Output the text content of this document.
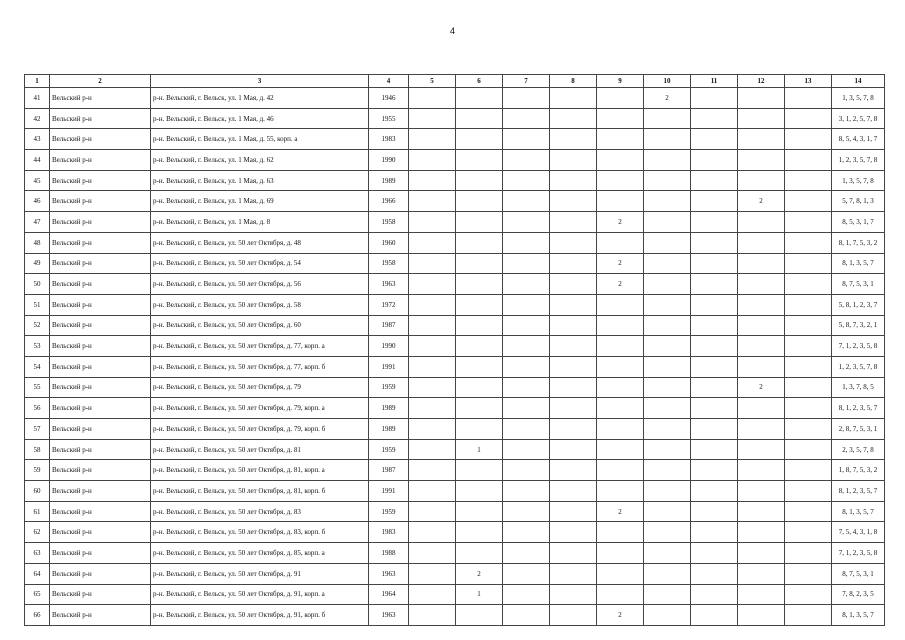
4
1	2	3	4	5	6	7	8	9	10	11	12	13	14
41	Вельский р-н	р-н. Вельский, г. Вельск, ул. 1 Мая, д. 42	1946						2				1, 3, 5, 7, 8
42	Вельский р-н	р-н. Вельский, г. Вельск, ул. 1 Мая, д. 46	1955										3, 1, 2, 5, 7, 8
43	Вельский р-н	р-н. Вельский, г. Вельск, ул. 1 Мая, д. 55, корп. а	1983										8, 5, 4, 3, 1, 7
44	Вельский р-н	р-н. Вельский, г. Вельск, ул. 1 Мая, д. 62	1990										1, 2, 3, 5, 7, 8
45	Вельский р-н	р-н. Вельский, г. Вельск, ул. 1 Мая, д. 63	1989										1, 3, 5, 7, 8
46	Вельский р-н	р-н. Вельский, г. Вельск, ул. 1 Мая, д. 69	1966								2		5, 7, 8, 1, 3
47	Вельский р-н	р-н. Вельский, г. Вельск, ул. 1 Мая, д. 8	1958					2					8, 5, 3, 1, 7
48	Вельский р-н	р-н. Вельский, г. Вельск, ул. 50 лет Октября, д. 48	1960										8, 1, 7, 5, 3, 2
49	Вельский р-н	р-н. Вельский, г. Вельск, ул. 50 лет Октября, д. 54	1958					2					8, 1, 3, 5, 7
50	Вельский р-н	р-н. Вельский, г. Вельск, ул. 50 лет Октября, д. 56	1963					2					8, 7, 5, 3, 1
51	Вельский р-н	р-н. Вельский, г. Вельск, ул. 50 лет Октября, д. 58	1972										5, 8, 1, 2, 3, 7
52	Вельский р-н	р-н. Вельский, г. Вельск, ул. 50 лет Октября, д. 60	1987										5, 8, 7, 3, 2, 1
53	Вельский р-н	р-н. Вельский, г. Вельск, ул. 50 лет Октября, д. 77, корп. а	1990										7, 1, 2, 3, 5, 8
54	Вельский р-н	р-н. Вельский, г. Вельск, ул. 50 лет Октября, д. 77, корп. б	1991										1, 2, 3, 5, 7, 8
55	Вельский р-н	р-н. Вельский, г. Вельск, ул. 50 лет Октября, д. 79	1959								2		1, 3, 7, 8, 5
56	Вельский р-н	р-н. Вельский, г. Вельск, ул. 50 лет Октября, д. 79, корп. а	1989										8, 1, 2, 3, 5, 7
57	Вельский р-н	р-н. Вельский, г. Вельск, ул. 50 лет Октября, д. 79, корп. б	1989										2, 8, 7, 5, 3, 1
58	Вельский р-н	р-н. Вельский, г. Вельск, ул. 50 лет Октября, д. 81	1959		1								2, 3, 5, 7, 8
59	Вельский р-н	р-н. Вельский, г. Вельск, ул. 50 лет Октября, д. 81, корп. а	1987										1, 8, 7, 5, 3, 2
60	Вельский р-н	р-н. Вельский, г. Вельск, ул. 50 лет Октября, д. 81, корп. б	1991										8, 1, 2, 3, 5, 7
61	Вельский р-н	р-н. Вельский, г. Вельск, ул. 50 лет Октября, д. 83	1959					2					8, 1, 3, 5, 7
62	Вельский р-н	р-н. Вельский, г. Вельск, ул. 50 лет Октября, д. 83, корп. б	1983										7, 5, 4, 3, 1, 8
63	Вельский р-н	р-н. Вельский, г. Вельск, ул. 50 лет Октября, д. 85, корп. а	1988										7, 1, 2, 3, 5, 8
64	Вельский р-н	р-н. Вельский, г. Вельск, ул. 50 лет Октября, д. 91	1963		2								8, 7, 5, 3, 1
65	Вельский р-н	р-н. Вельский, г. Вельск, ул. 50 лет Октября, д. 91, корп. а	1964		1								7, 8, 2, 3, 5
66	Вельский р-н	р-н. Вельский, г. Вельск, ул. 50 лет Октября, д. 91, корп. б	1963					2					8, 1, 3, 5, 7
